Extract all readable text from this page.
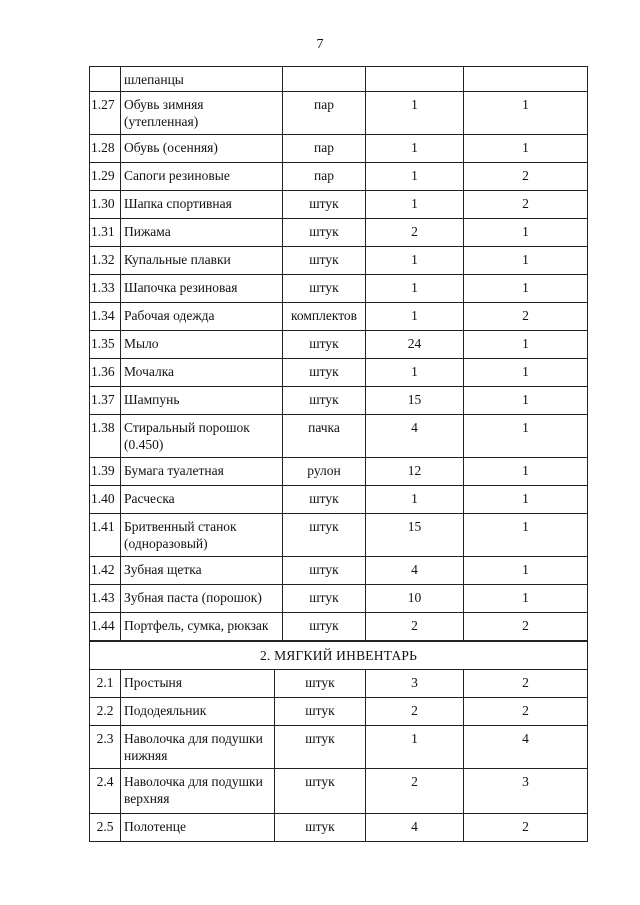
7
	шлепанцы			
1.27	Обувь зимняя (утепленная)	пар	1	1
1.28	Обувь (осенняя)	пар	1	1
1.29	Сапоги резиновые	пар	1	2
1.30	Шапка спортивная	штук	1	2
1.31	Пижама	штук	2	1
1.32	Купальные плавки	штук	1	1
1.33	Шапочка резиновая	штук	1	1
1.34	Рабочая одежда	комплектов	1	2
1.35	Мыло	штук	24	1
1.36	Мочалка	штук	1	1
1.37	Шампунь	штук	15	1
1.38	Стиральный порошок (0.450)	пачка	4	1
1.39	Бумага туалетная	рулон	12	1
1.40	Расческа	штук	1	1
1.41	Бритвенный станок (одноразовый)	штук	15	1
1.42	Зубная щетка	штук	4	1
1.43	Зубная паста (порошок)	штук	10	1
1.44	Портфель, сумка, рюкзак	штук	2	2
2. МЯГКИЙ ИНВЕНТАРЬ				
2.1	Простыня	штук	3	2
2.2	Пододеяльник	штук	2	2
2.3	Наволочка для подушки нижняя	штук	1	4
2.4	Наволочка для подушки верхняя	штук	2	3
2.5	Полотенце	штук	4	2
